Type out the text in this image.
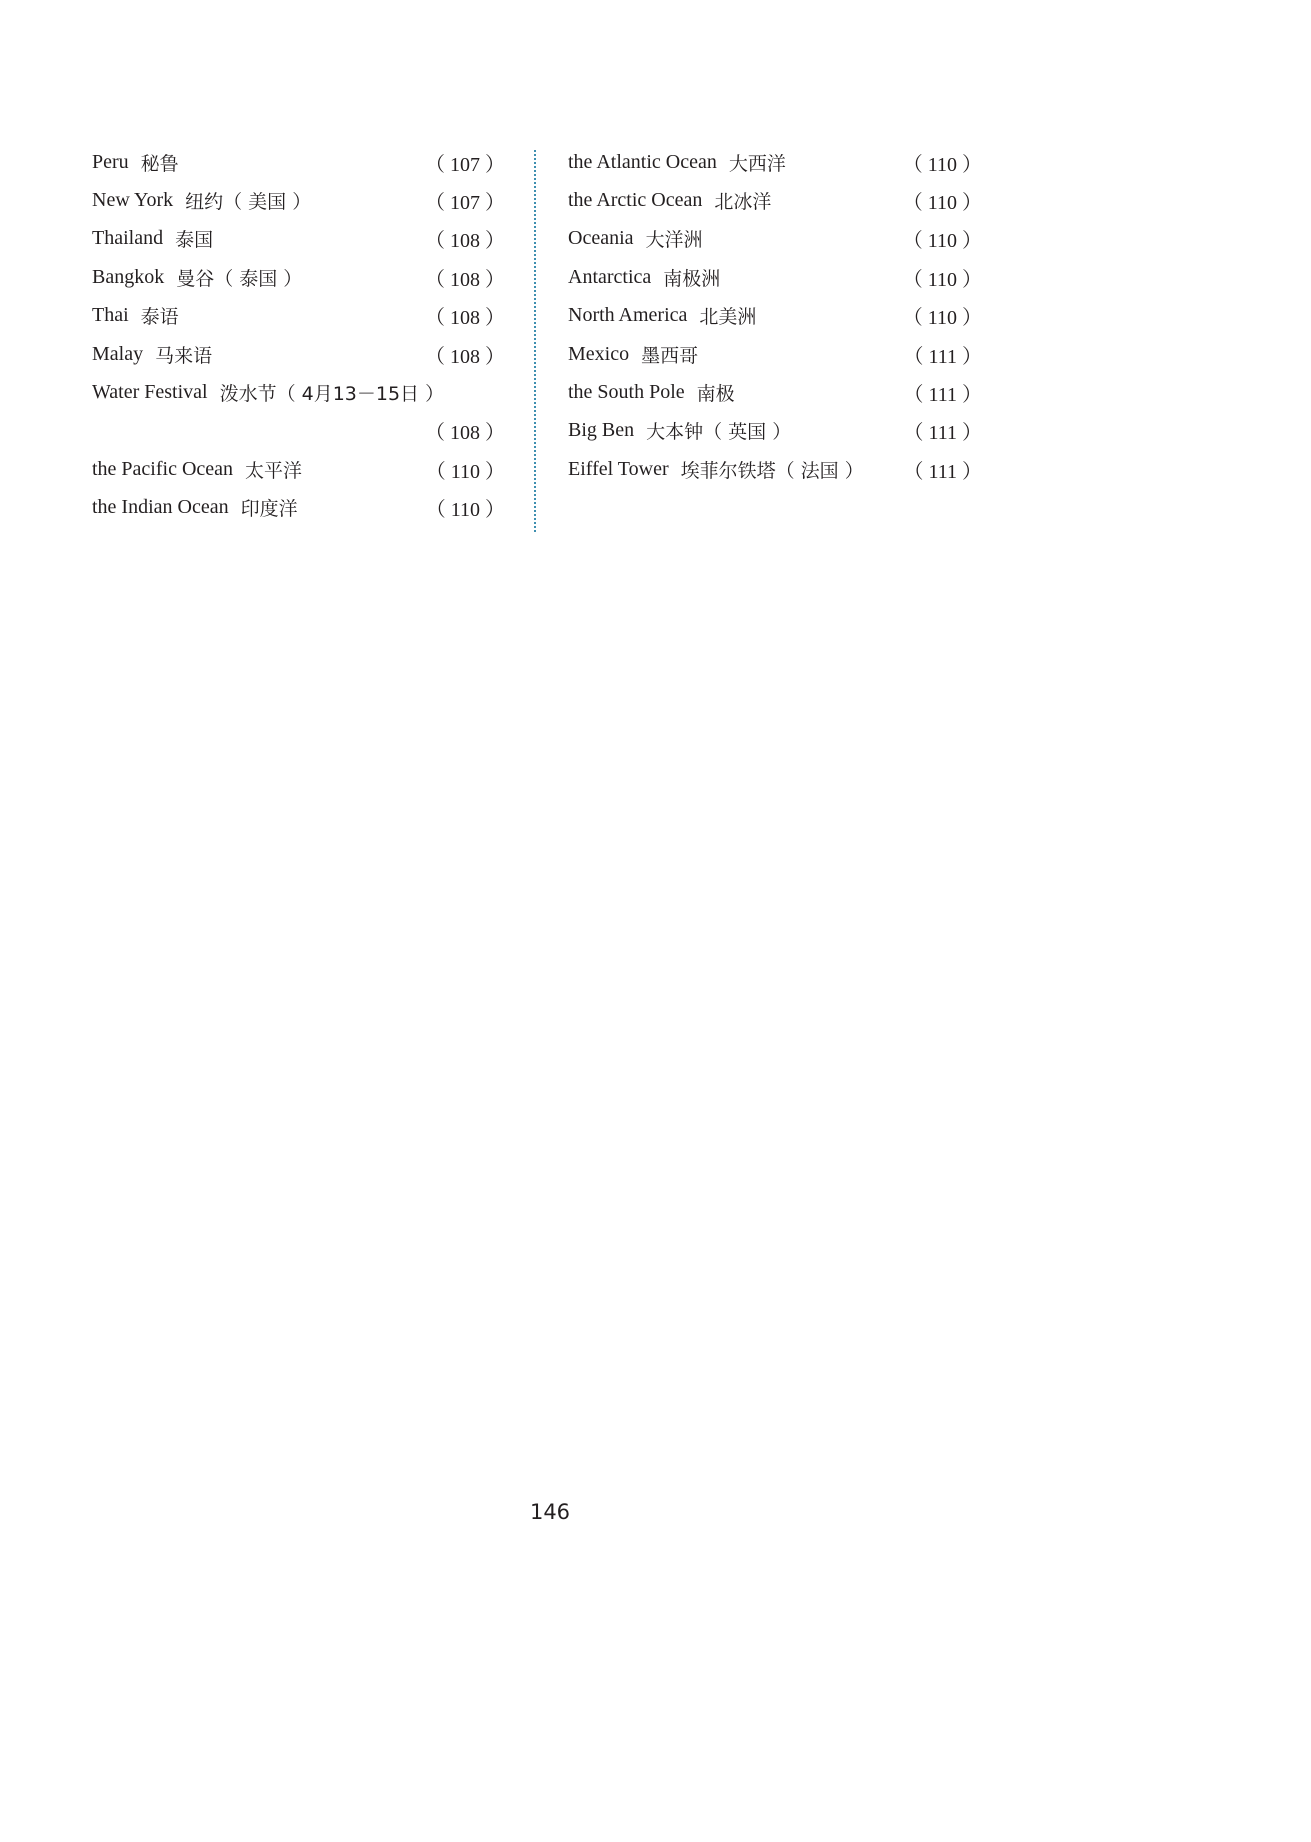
Peru 秘鲁	（ 107 ）
New York 纽约（ 美国 ）	（ 107 ）
Thailand 泰国	（ 108 ）
Bangkok 曼谷（ 泰国 ）	（ 108 ）
Thai 泰语	（ 108 ）
Malay 马来语	（ 108 ）
Water Festival 泼水节（ 4月13－15日 ）
（ 108 ）
the Pacific Ocean 太平洋	（ 110 ）
the Indian Ocean 印度洋	（ 110 ）
the Atlantic Ocean 大西洋	（ 110 ）
the Arctic Ocean 北冰洋	（ 110 ）
Oceania 大洋洲	（ 110 ）
Antarctica 南极洲	（ 110 ）
North America 北美洲	（ 110 ）
Mexico 墨西哥	（ 111 ）
the South Pole 南极	（ 111 ）
Big Ben 大本钟（ 英国 ）	（ 111 ）
Eiffel Tower 埃菲尔铁塔（ 法国 ） （ 111 ）
146
